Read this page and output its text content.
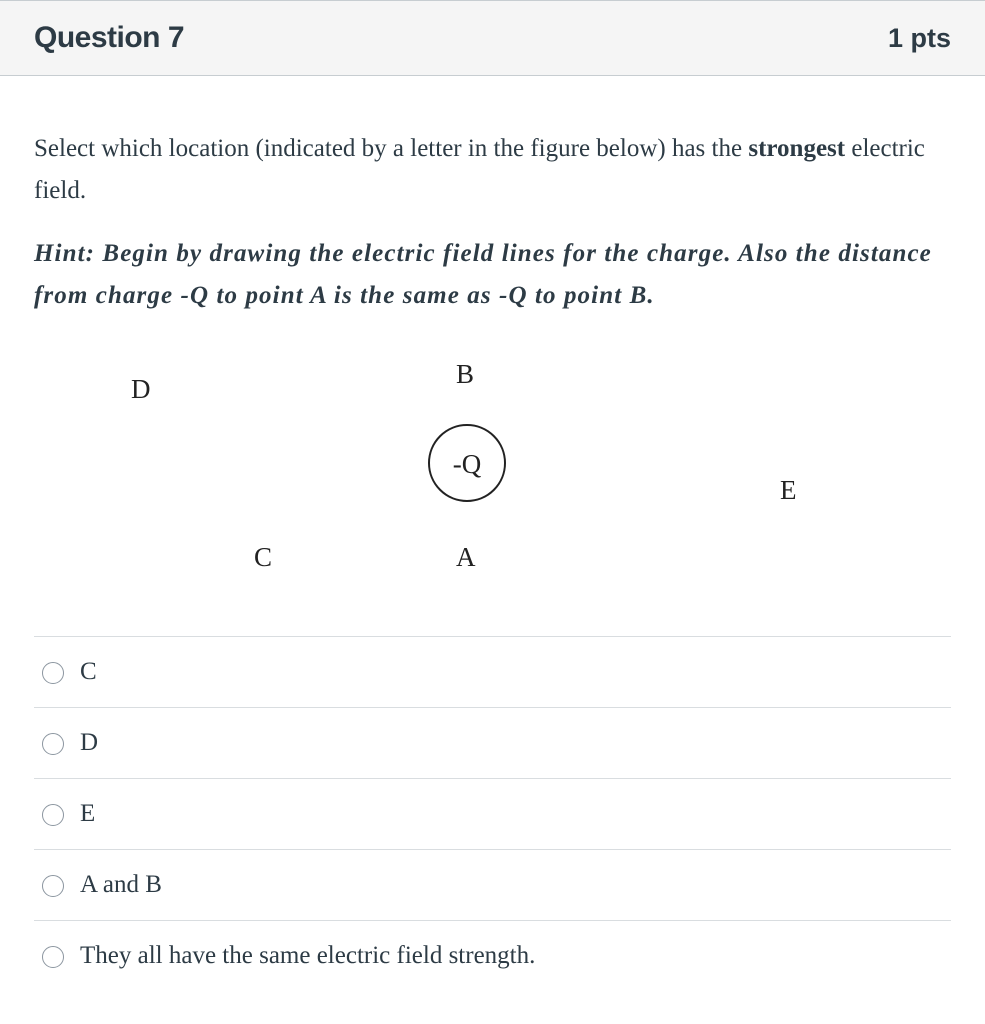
Question 7	1 pts
Select which location (indicated by a letter in the figure below) has the strongest electric field.
Hint: Begin by drawing the electric field lines for the charge. Also the distance from charge -Q to point A is the same as -Q to point B.
D	B
-Q
E
C	A
C
D
E
A and B
They all have the same electric field strength.
